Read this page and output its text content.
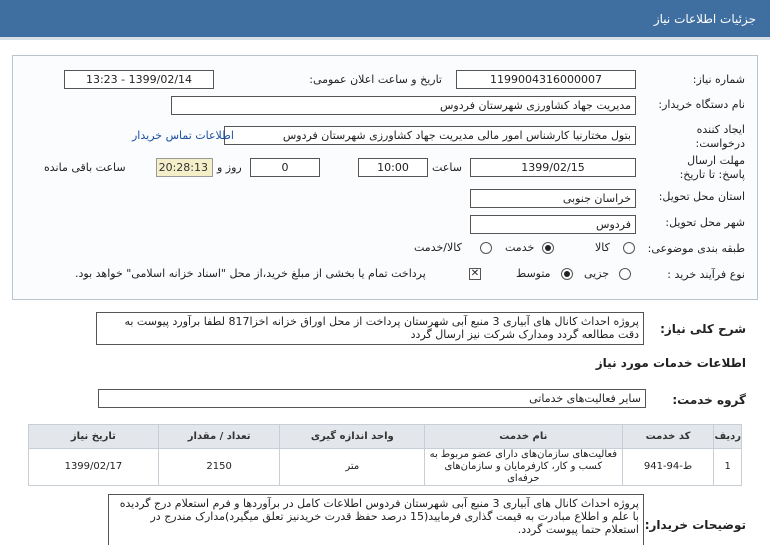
جزئیات اطلاعات نیاز
شماره نیاز:
1199004316000007
تاریخ و ساعت اعلان عمومی:
1399/02/14 - 13:23
نام دستگاه خریدار:
مدیریت جهاد کشاورزی شهرستان فردوس
ایجاد کننده درخواست:
بتول مختارنیا کارشناس امور مالی مدیریت جهاد کشاورزی شهرستان فردوس
اطلاعات تماس خریدار
مهلت ارسال پاسخ: تا تاریخ:
1399/02/15
ساعت
10:00
0
روز و
20:28:13
ساعت باقی مانده
استان محل تحویل:
خراسان جنوبی
شهر محل تحویل:
فردوس
طبقه بندی موضوعی:
کالا
خدمت
کالا/خدمت
نوع فرآیند خرید :
جزیی
متوسط
✕
پرداخت تمام یا بخشی از مبلغ خرید،از محل "اسناد خزانه اسلامی" خواهد بود.
شرح کلی نیاز:
پروژه احداث کانال های آبیاری 3 منبع آبی شهرستان پرداخت از محل اوراق خزانه اخزا817 لطفا برآورد پیوست به دقت مطالعه گردد ومدارک شرکت نیز ارسال گردد
اطلاعات خدمات مورد نیاز
گروه خدمت:
سایر فعالیت‌های خدماتی
ردیف	کد خدمت	نام خدمت	واحد اندازه گیری	تعداد / مقدار	تاریخ نیاز
1	ط-94-941	فعالیت‌های سازمان‌های دارای عضو مربوط به کسب و کار، کارفرمایان و سازمان‌های حرفه‌ای	متر	2150	1399/02/17
توضیحات خریدار:
پروژه احداث کانال های آبیاری 3 منبع آبی شهرستان فردوس اطلاعات کامل در برآوردها و فرم استعلام درج گردیده با علم و اطلاع مبادرت به قیمت گذاری فرمایید(15 درصد حفظ قدرت خریدنیز تعلق میگیرد)مدارک مندرج در استعلام حتما پیوست گردد.
